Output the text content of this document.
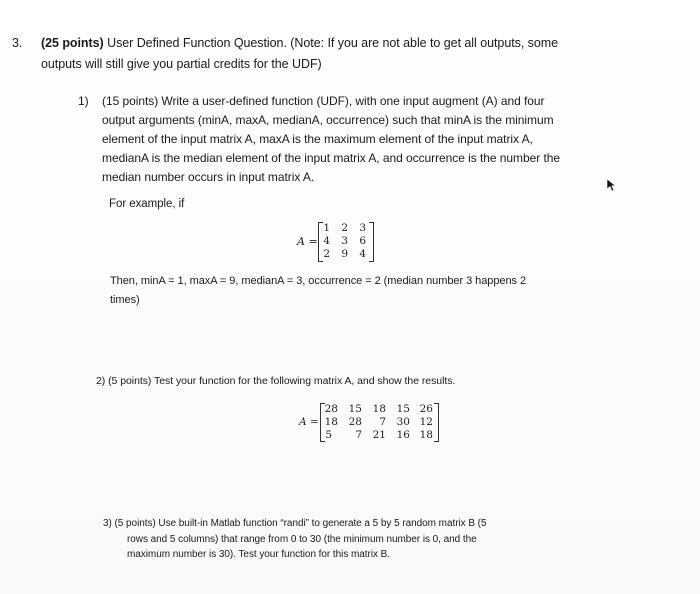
3. (25 points) User Defined Function Question. (Note: If you are not able to get all outputs, some
outputs will still give you partial credits for the UDF)
1) (15 points) Write a user-defined function (UDF), with one input augment (A) and four
output arguments (minA, maxA, medianA, occurrence) such that minA is the minimum
element of the input matrix A, maxA is the maximum element of the input matrix A,
medianA is the median element of the input matrix A, and occurrence is the number the
median number occurs in input matrix A.
For example, if
A =
1 2 3
4 3 6
2 9 4
Then, minA = 1, maxA = 9, medianA = 3, occurrence = 2 (median number 3 happens 2
times)
2) (5 points) Test your function for the following matrix A, and show the results.
A =
28 15 18 15 26
18 28	7 30 12
5	7 21 16 18
3) (5 points) Use built-in Matlab function “randi” to generate a 5 by 5 random matrix B (5
rows and 5 columns) that range from 0 to 30 (the minimum number is 0, and the
maximum number is 30). Test your function for this matrix B.
